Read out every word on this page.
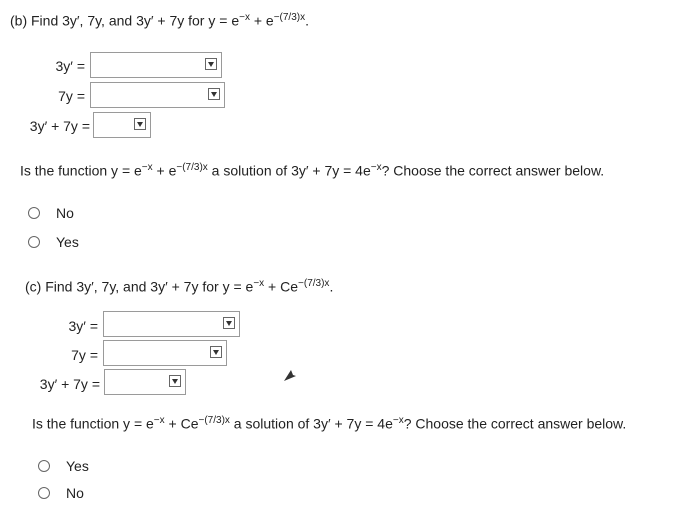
(b) Find 3y′, 7y, and 3y′ + 7y for $y = e^{-x} + e^{-(7/3)x}$.
3y′ =
7y =
3y′ + 7y =
Is the function $y = e^{-x} + e^{-(7/3)x}$ a solution of $3y' + 7y = 4e^{-x}$? Choose the correct answer below.
No
Yes
(c) Find 3y′, 7y, and 3y′ + 7y for $y = e^{-x} + Ce^{-(7/3)x}$.
3y′ =
7y =
3y′ + 7y =
Is the function $y = e^{-x} + Ce^{-(7/3)x}$ a solution of $3y' + 7y = 4e^{-x}$? Choose the correct answer below.
Yes
No
